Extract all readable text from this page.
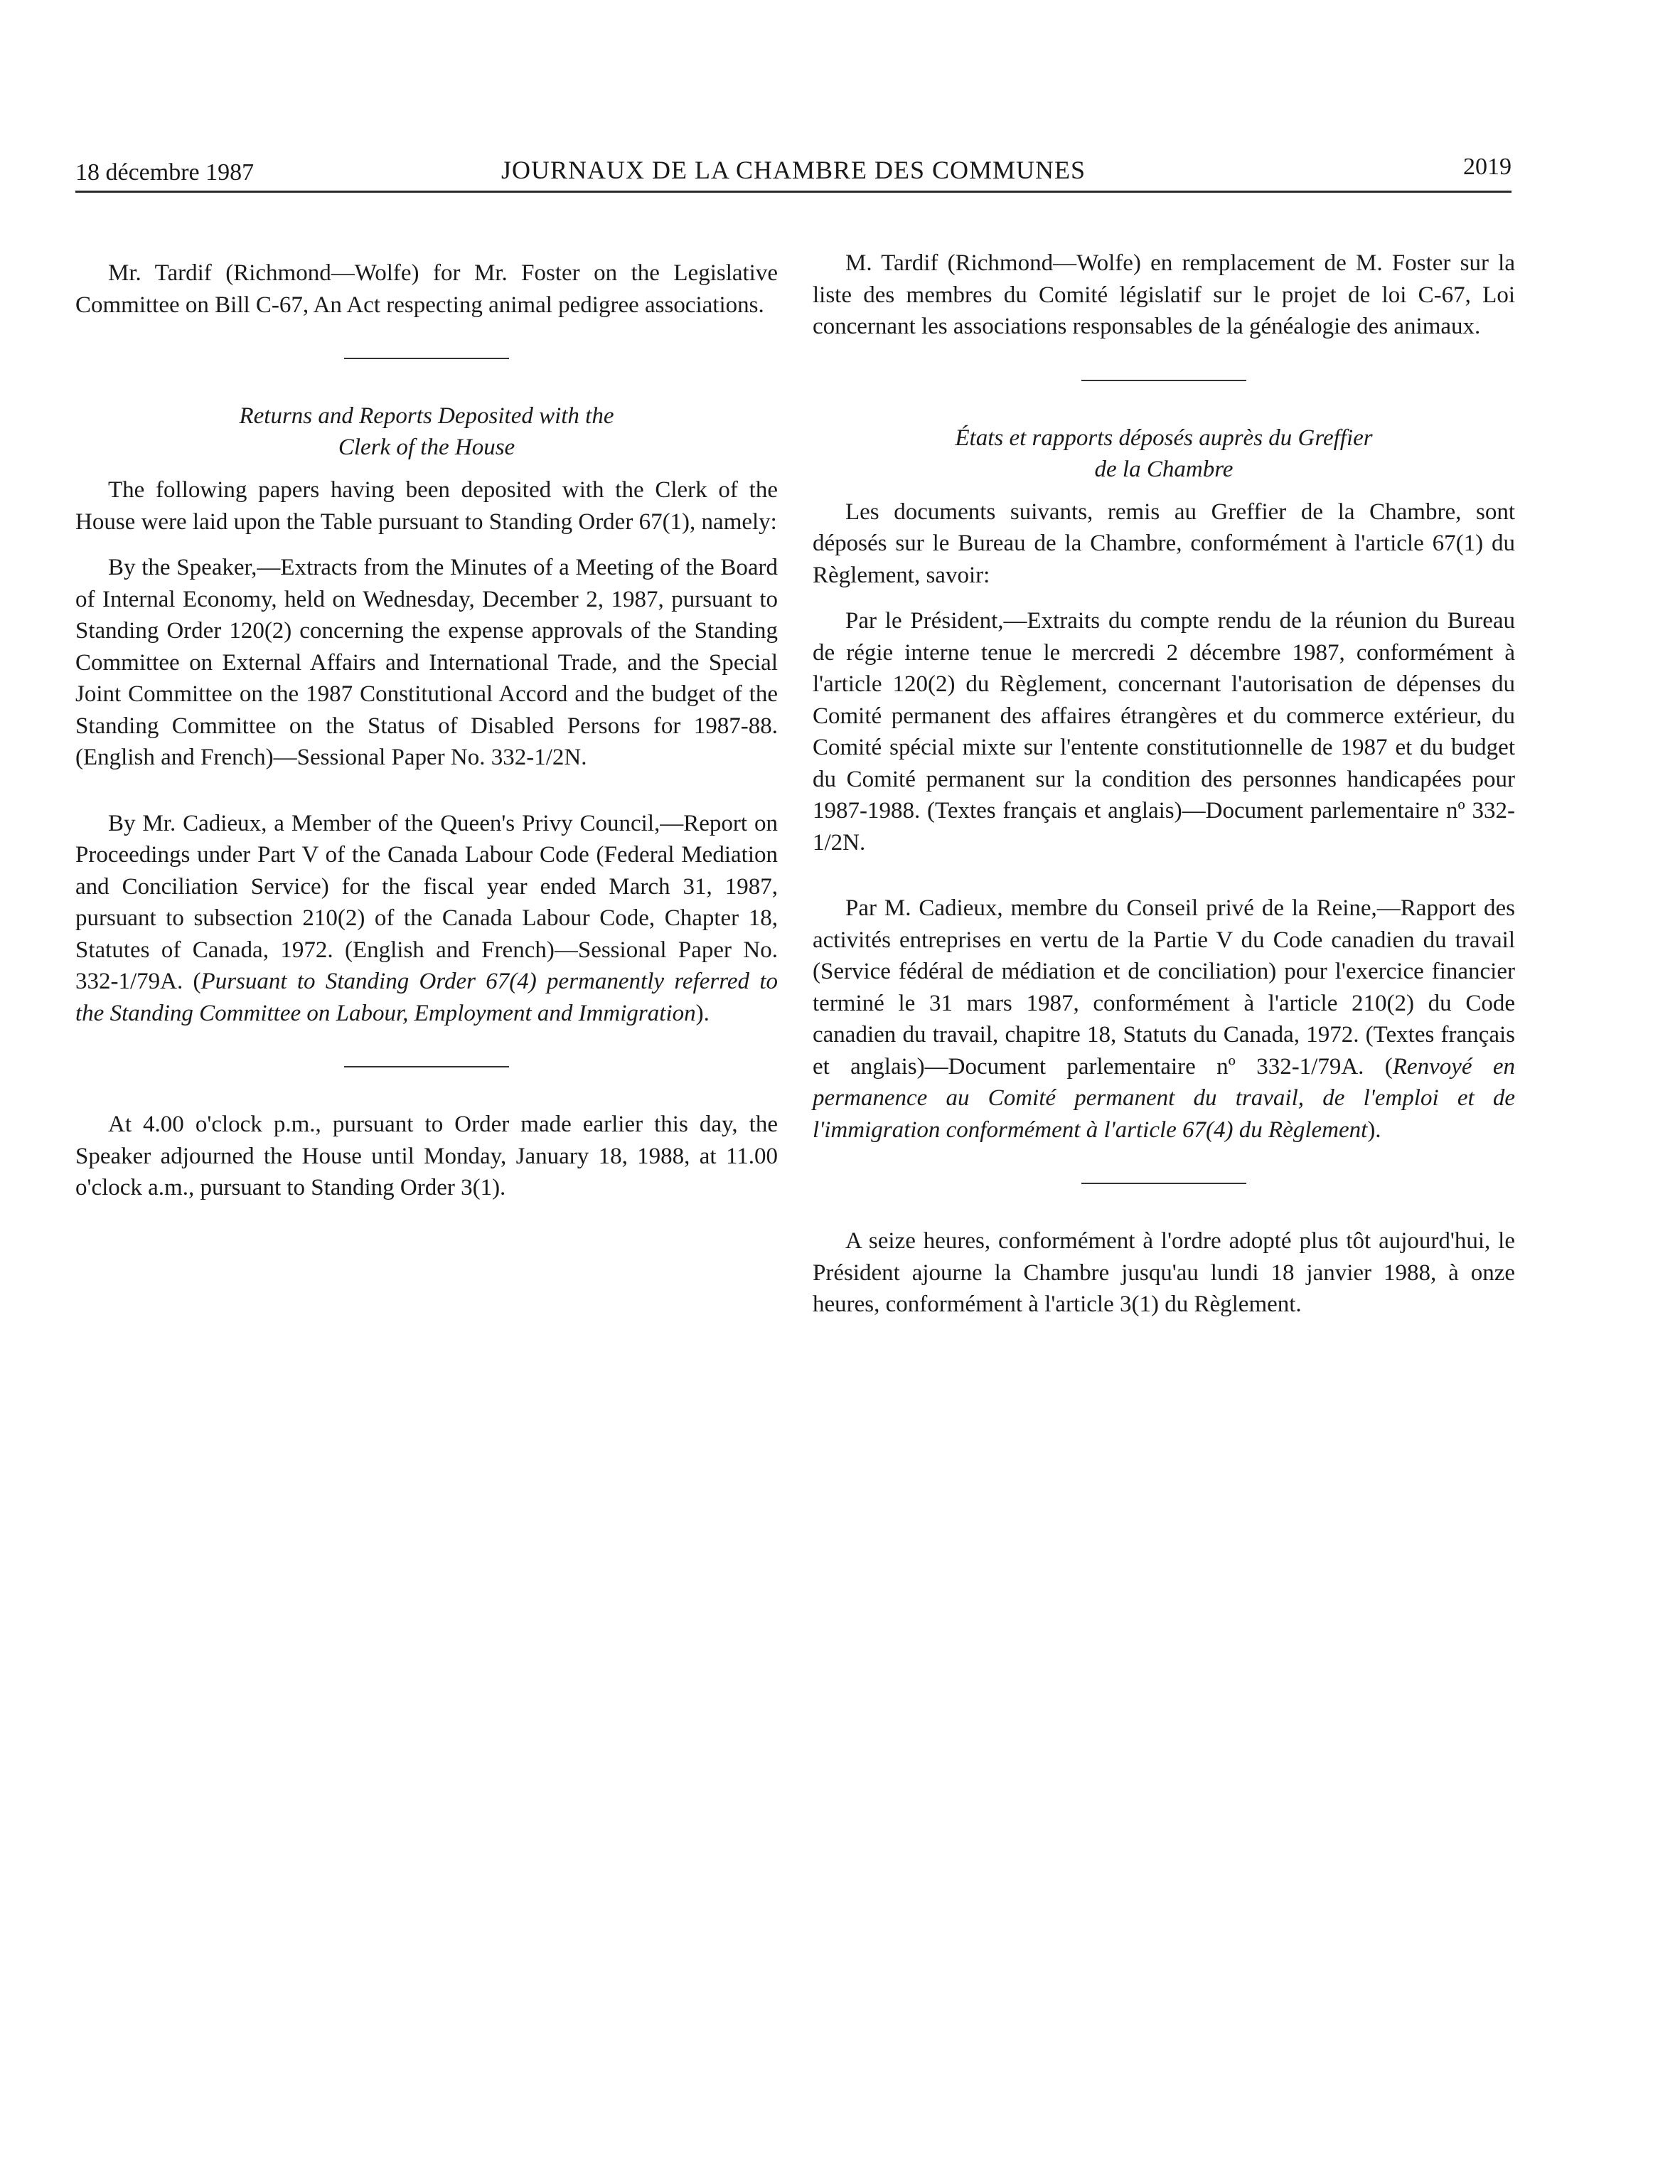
18 décembre 1987	JOURNAUX DE LA CHAMBRE DES COMMUNES	2019

Mr. Tardif (Richmond—Wolfe) for Mr. Foster on the Legislative Committee on Bill C-67, An Act respecting animal pedigree associations.

Returns and Reports Deposited with the
Clerk of the House

The following papers having been deposited with the Clerk of the House were laid upon the Table pursuant to Standing Order 67(1), namely:

By the Speaker,—Extracts from the Minutes of a Meeting of the Board of Internal Economy, held on Wednesday, December 2, 1987, pursuant to Standing Order 120(2) concerning the expense approvals of the Standing Committee on External Affairs and International Trade, and the Special Joint Committee on the 1987 Constitutional Accord and the budget of the Standing Committee on the Status of Disabled Persons for 1987-88. (English and French)—Sessional Paper No. 332-1/2N.

By Mr. Cadieux, a Member of the Queen's Privy Council,—Report on Proceedings under Part V of the Canada Labour Code (Federal Mediation and Conciliation Service) for the fiscal year ended March 31, 1987, pursuant to subsection 210(2) of the Canada Labour Code, Chapter 18, Statutes of Canada, 1972. (English and French)—Sessional Paper No. 332-1/79A. (Pursuant to Standing Order 67(4) permanently referred to the Standing Committee on Labour, Employment and Immigration).

At 4.00 o'clock p.m., pursuant to Order made earlier this day, the Speaker adjourned the House until Monday, January 18, 1988, at 11.00 o'clock a.m., pursuant to Standing Order 3(1).

M. Tardif (Richmond—Wolfe) en remplacement de M. Foster sur la liste des membres du Comité législatif sur le projet de loi C-67, Loi concernant les associations responsables de la généalogie des animaux.

États et rapports déposés auprès du Greffier
de la Chambre

Les documents suivants, remis au Greffier de la Chambre, sont déposés sur le Bureau de la Chambre, conformément à l'article 67(1) du Règlement, savoir:

Par le Président,—Extraits du compte rendu de la réunion du Bureau de régie interne tenue le mercredi 2 décembre 1987, conformément à l'article 120(2) du Règlement, concernant l'autorisation de dépenses du Comité permanent des affaires étrangères et du commerce extérieur, du Comité spécial mixte sur l'entente constitutionnelle de 1987 et du budget du Comité permanent sur la condition des personnes handicapées pour 1987-1988. (Textes français et anglais)—Document parlementaire nº 332-1/2N.

Par M. Cadieux, membre du Conseil privé de la Reine,—Rapport des activités entreprises en vertu de la Partie V du Code canadien du travail (Service fédéral de médiation et de conciliation) pour l'exercice financier terminé le 31 mars 1987, conformément à l'article 210(2) du Code canadien du travail, chapitre 18, Statuts du Canada, 1972. (Textes français et anglais)—Document parlementaire nº 332-1/79A. (Renvoyé en permanence au Comité permanent du travail, de l'emploi et de l'immigration conformément à l'article 67(4) du Règlement).

A seize heures, conformément à l'ordre adopté plus tôt aujourd'hui, le Président ajourne la Chambre jusqu'au lundi 18 janvier 1988, à onze heures, conformément à l'article 3(1) du Règlement.
